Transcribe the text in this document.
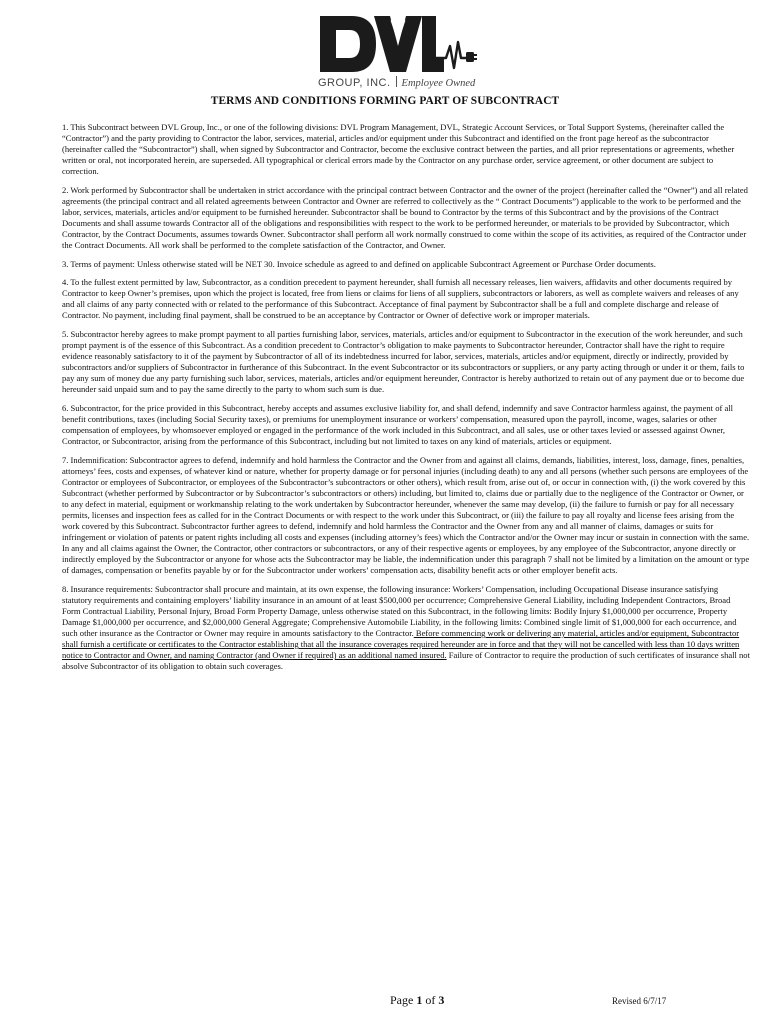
GROUP, INC. Employee Owned
TERMS AND CONDITIONS FORMING PART OF SUBCONTRACT

1. This Subcontract between DVL Group, Inc., or one of the following divisions: DVL Program Management, DVL, Strategic Account Services, or Total Support Systems, (hereinafter called the “Contractor”) and the party providing to Contractor the labor, services, material, articles and/or equipment under this Subcontract and identified on the front page hereof as the subcontractor (hereinafter called the “Subcontractor”) shall, when signed by Subcontractor and Contractor, become the exclusive contract between the parties, and all prior representations or agreements, whether written or oral, not incorporated herein, are superseded. All typographical or clerical errors made by the Contractor on any purchase order, service agreement, or other document are subject to correction.

2. Work performed by Subcontractor shall be undertaken in strict accordance with the principal contract between Contractor and the owner of the project (hereinafter called the “Owner”) and all related agreements (the principal contract and all related agreements between Contractor and Owner are referred to collectively as the “ Contract Documents”) applicable to the work to be performed and the labor, services, materials, articles and/or equipment to be furnished hereunder. Subcontractor shall be bound to Contractor by the terms of this Subcontract and by the provisions of the Contract Documents and shall assume towards Contractor all of the obligations and responsibilities with respect to the work to be performed hereunder, or materials to be provided by Subcontractor, which Contractor, by the Contract Documents, assumes towards Owner. Subcontractor shall perform all work normally construed to come within the scope of its activities, as required of the Contractor under the Contract Documents. All work shall be performed to the complete satisfaction of the Contractor, and Owner.

3. Terms of payment: Unless otherwise stated will be NET 30. Invoice schedule as agreed to and defined on applicable Subcontract Agreement or Purchase Order documents.

4. To the fullest extent permitted by law, Subcontractor, as a condition precedent to payment hereunder, shall furnish all necessary releases, lien waivers, affidavits and other documents required by Contractor to keep Owner’s premises, upon which the project is located, free from liens or claims for liens of all suppliers, subcontractors or laborers, as well as complete waivers and releases of any and all claims of any party connected with or related to the performance of this Subcontract. Acceptance of final payment by Subcontractor shall be a full and complete discharge and release of Contractor. No payment, including final payment, shall be construed to be an acceptance by Contractor or Owner of defective work or improper materials.

5. Subcontractor hereby agrees to make prompt payment to all parties furnishing labor, services, materials, articles and/or equipment to Subcontractor in the execution of the work hereunder, and such prompt payment is of the essence of this Subcontract. As a condition precedent to Contractor’s obligation to make payments to Subcontractor hereunder, Contractor shall have the right to require evidence reasonably satisfactory to it of the payment by Subcontractor of all of its indebtedness incurred for labor, services, materials, articles and/or equipment, directly or indirectly, provided by subcontractors and/or suppliers of Subcontractor in furtherance of this Subcontract. In the event Subcontractor or its subcontractors or suppliers, or any party acting through or under it or them, fails to pay any sum of money due any party furnishing such labor, services, materials, articles and/or equipment hereunder, Contractor is hereby authorized to retain out of any payment due or to become due hereunder said unpaid sum and to pay the same directly to the party to whom such sum is due.

6. Subcontractor, for the price provided in this Subcontract, hereby accepts and assumes exclusive liability for, and shall defend, indemnify and save Contractor harmless against, the payment of all benefit contributions, taxes (including Social Security taxes), or premiums for unemployment insurance or workers’ compensation, measured upon the payroll, income, wages, salaries or other compensation of employees, by whomsoever employed or engaged in the performance of the work included in this Subcontract, and all sales, use or other taxes levied or assessed against Owner, Contractor, or Subcontractor, arising from the performance of this Subcontract, including but not limited to taxes on any kind of materials, articles or equipment.

7. Indemnification: Subcontractor agrees to defend, indemnify and hold harmless the Contractor and the Owner from and against all claims, demands, liabilities, interest, loss, damage, fines, penalties, attorneys’ fees, costs and expenses, of whatever kind or nature, whether for property damage or for personal injuries (including death) to any and all persons (whether such persons are employees of the Contractor or employees of Subcontractor, or employees of the Subcontractor’s subcontractors or other others), which result from, arise out of, or occur in connection with, (i) the work covered by this Subcontract (whether performed by Subcontractor or by Subcontractor’s subcontractors or others) including, but limited to, claims due or partially due to the negligence of the Contractor or Owner, or to any defect in material, equipment or workmanship relating to the work undertaken by Subcontractor hereunder, whenever the same may develop, (ii) the failure to furnish or pay for all necessary permits, licenses and inspection fees as called for in the Contract Documents or with respect to the work under this Subcontract, or (iii) the failure to pay all royalty and license fees arising from the work covered by this Subcontract. Subcontractor further agrees to defend, indemnify and hold harmless the Contractor and the Owner from any and all manner of claims, damages or suits for infringement or violation of patents or patent rights including all costs and expenses (including attorney’s fees) which the Contractor and/or the Owner may incur or sustain in connection with the same. In any and all claims against the Owner, the Contractor, other contractors or subcontractors, or any of their respective agents or employees, by any employee of the Subcontractor, anyone directly or indirectly employed by the Subcontractor or anyone for whose acts the Subcontractor may be liable, the indemnification under this paragraph 7 shall not be limited by a limitation on the amount or type of damages, compensation or benefits payable by or for the Subcontractor under workers’ compensation acts, disability benefit acts or other employer benefit acts.

8. Insurance requirements: Subcontractor shall procure and maintain, at its own expense, the following insurance: Workers’ Compensation, including Occupational Disease insurance satisfying statutory requirements and containing employers’ liability insurance in an amount of at least $500,000 per occurrence; Comprehensive General Liability, including Independent Contractors, Broad Form Contractual Liability, Personal Injury, Broad Form Property Damage, unless otherwise stated on this Subcontract, in the following limits: Bodily Injury $1,000,000 per occurrence, Property Damage $1,000,000 per occurrence, and $2,000,000 General Aggregate; Comprehensive Automobile Liability, in the following limits: Combined single limit of $1,000,000 for each occurrence, and such other insurance as the Contractor or Owner may require in amounts satisfactory to the Contractor. Before commencing work or delivering any material, articles and/or equipment, Subcontractor shall furnish a certificate or certificates to the Contractor establishing that all the insurance coverages required hereunder are in force and that they will not be cancelled with less than 10 days written notice to Contractor and Owner, and naming Contractor (and Owner if required) as an additional named insured. Failure of Contractor to require the production of such certificates of insurance shall not absolve Subcontractor of its obligation to obtain such coverages.

Page 1 of 3	Revised 6/7/17
